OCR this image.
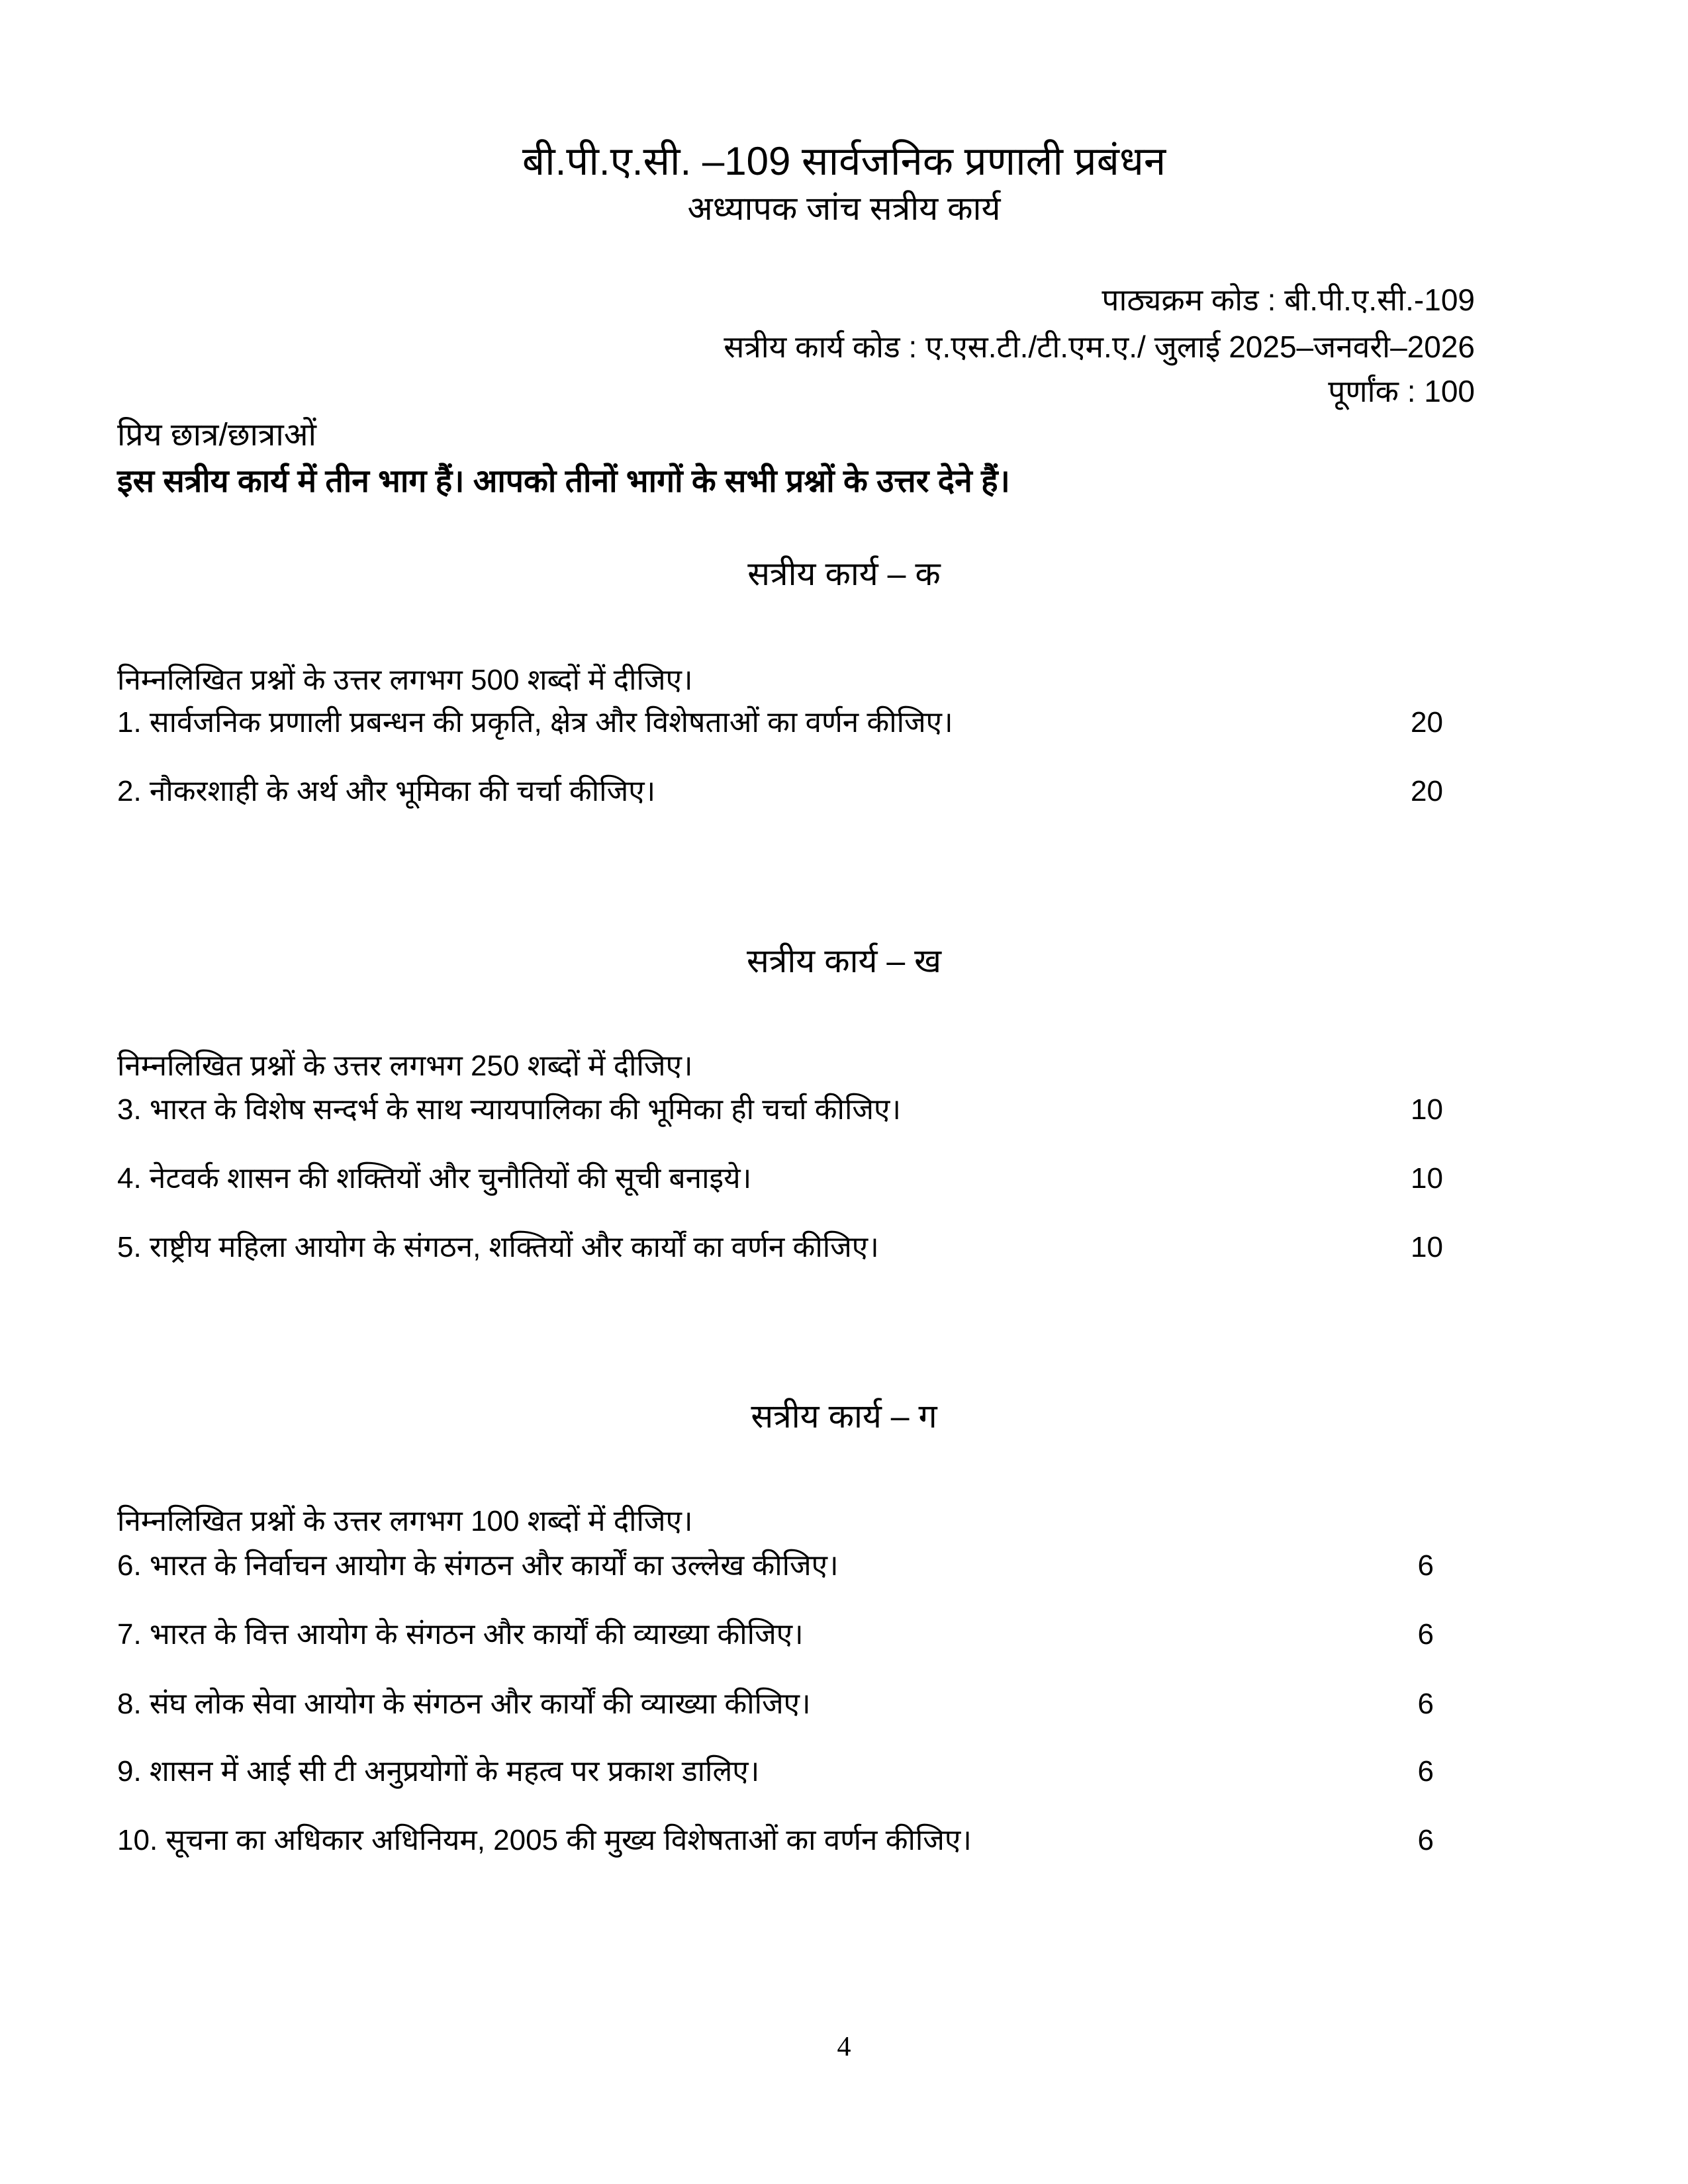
बी.पी.ए.सी. –109 सार्वजनिक प्रणाली प्रबंधन
अध्यापक जांच सत्रीय कार्य
पाठ्यक्रम कोड : बी.पी.ए.सी.-109
सत्रीय कार्य कोड : ए.एस.टी./टी.एम.ए./ जुलाई 2025–जनवरी–2026
पूर्णांक : 100
प्रिय छात्र/छात्राओं
इस सत्रीय कार्य में तीन भाग हैं। आपको तीनों भागों के सभी प्रश्नों के उत्तर देने हैं।
सत्रीय कार्य – क
निम्नलिखित प्रश्नों के उत्तर लगभग 500 शब्दों में दीजिए।
1. सार्वजनिक प्रणाली प्रबन्धन की प्रकृति, क्षेत्र और विशेषताओं का वर्णन कीजिए।	20
2. नौकरशाही के अर्थ और भूमिका की चर्चा कीजिए।	20
सत्रीय कार्य – ख
निम्नलिखित प्रश्नों के उत्तर लगभग 250 शब्दों में दीजिए।
3. भारत के विशेष सन्दर्भ के साथ न्यायपालिका की भूमिका ही चर्चा कीजिए।	10
4. नेटवर्क शासन की शक्तियों और चुनौतियों की सूची बनाइये।	10
5. राष्ट्रीय महिला आयोग के संगठन, शक्तियों और कार्यों का वर्णन कीजिए।	10
सत्रीय कार्य – ग
निम्नलिखित प्रश्नों के उत्तर लगभग 100 शब्दों में दीजिए।
6. भारत के निर्वाचन आयोग के संगठन और कार्यों का उल्लेख कीजिए।	6
7. भारत के वित्त आयोग के संगठन और कार्यों की व्याख्या कीजिए।	6
8. संघ लोक सेवा आयोग के संगठन और कार्यों की व्याख्या कीजिए।	6
9. शासन में आई सी टी अनुप्रयोगों के महत्व पर प्रकाश डालिए।	6
10. सूचना का अधिकार अधिनियम, 2005 की मुख्य विशेषताओं का वर्णन कीजिए।	6
4
